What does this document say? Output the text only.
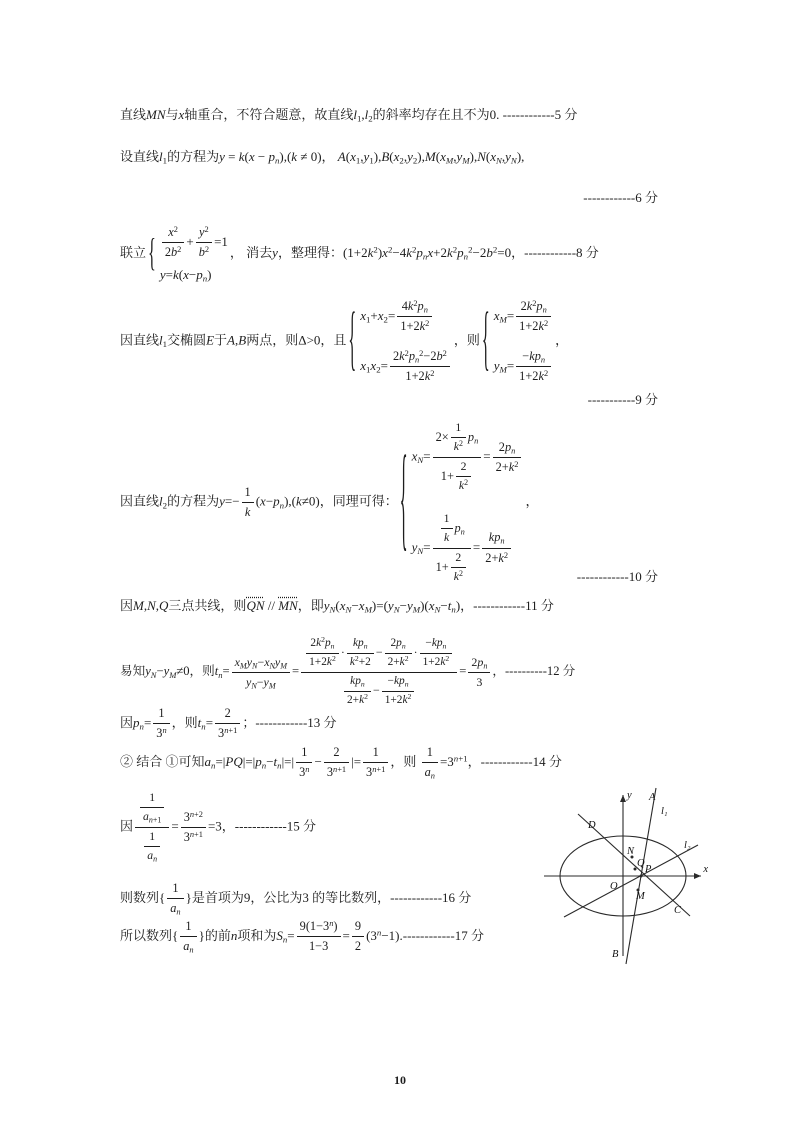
直线MN与x轴重合，不符合题意，故直线$l_1,l_2$的斜率均存在且不为0. ------------5 分
设直线$l_1$的方程为$y = k(x - p_n),(k \ne 0)$， $A(x_1,y_1),B(x_2,y_2),M(x_M,y_M),N(x_N,y_N)$,
------------6 分
联立 { $\frac{x^2}{2b^2} + \frac{y^2}{b^2} =1$
$y=k(x-p_n)$
， 消去y，整理得：$(1+2k^2)x^2-4k^2p_nx+2k^2p_n^2-2b^2=0$，------------8 分
因直线$l_1$交椭圆E于A,B两点，则Δ>0，且 { $x_1+x_2= \frac{4k^2p_n}{1+2k^2}$
$x_1x_2= \frac{2k^2p_n^2-2b^2}{1+2k^2}$
，则 { $x_M= \frac{2k^2p_n}{1+2k^2}$
$y_M=$
$-kp_n$
$1+2k^2$
，
-----------9 分
因直线$l_2$的方程为$y=- \frac{1}{k} (x-p_n),(k\ne 0)$，同理可得： { $x_N= \frac{2\times \frac{1}{k^2} p_n}{1+ \frac{2}{k^2}} = \frac{2p_n}{2+k^2}$
$y_N= \frac{1}{k} p_n$
$1+ \frac{2}{k^2}$
=
$kp_n$
$2+k^2$
，
------------10 分
因M,N,Q三点共线，则QN // MN，即$y_N(x_N-x_M)=(y_N-y_M)(x_N-t_n)$，------------11 分
易知$y_N-y_M\ne 0$，则$t_n=$
$x_My_N-x_Ny_M$
$y_N-y_M$
=
$\frac{2k^2p_n}{1+2k^2}$ ·
$kp_n$
$k^2+2$
− $\frac{2p_n}{2+k^2}$ ·
$-kp_n$
$1+2k^2$
$kp_n$
$2+k^2$ −
$-kp_n$
$1+2k^2$
= $\frac{2p_n}{3}$ ，----------12 分
因$p_n= \frac{1}{3^n}$ ，则$t_n= \frac{2}{3^{n+1}}$ ；------------13 分
② 结合 ①可知$a_n=|PQ|=|p_n-t_n|=| \frac{1}{3^n} - \frac{2}{3^{n+1}}$ |= $\frac{1}{3^{n+1}}$ ，则 $\frac{1}{a_n} =3^{n+1}$，------------14 分
因 $\frac{\frac{1}{a_{n+1}}}{\frac{1}{a_n}} = \frac{3^{n+2}}{3^{n+1}} =3$，------------15 分
则数列{ $\frac{1}{a_n}$ }是首项为9，公比为3 的等比数列，------------16 分
所以数列{ $\frac{1}{a_n}$ }的前n项和为$S_n= \frac{9(1-3^n)}{1-3} = \frac{9}{2} (3^n-1).------------17$ 分
y
x
A
l₁
l₂
D
N
Q
P
O
M
C
B
10
